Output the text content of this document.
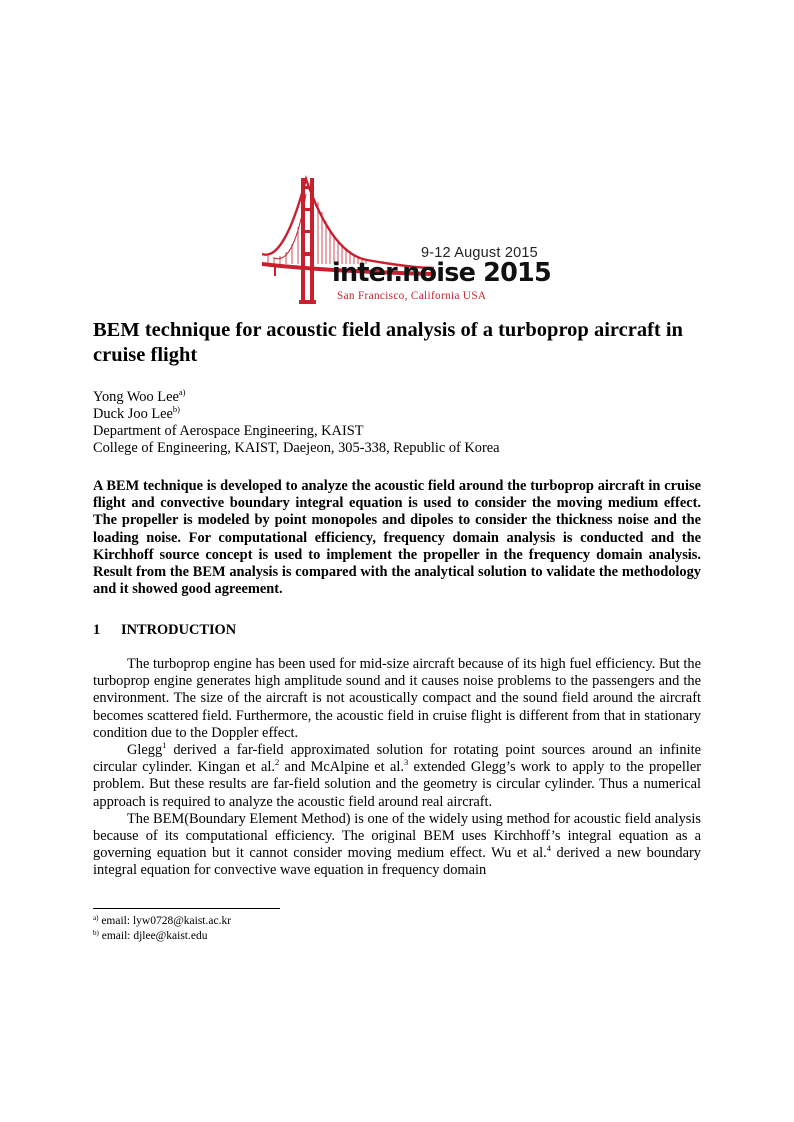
9-12 August 2015
inter.noise 2015
San Francisco, California USA
BEM technique for acoustic field analysis of a turboprop aircraft in cruise flight
Yong Woo Lee$^{a)}$
Duck Joo Lee$^{b)}$
Department of Aerospace Engineering, KAIST
College of Engineering, KAIST, Daejeon, 305-338, Republic of Korea

A BEM technique is developed to analyze the acoustic field around the turboprop aircraft in cruise flight and convective boundary integral equation is used to consider the moving medium effect. The propeller is modeled by point monopoles and dipoles to consider the thickness noise and the loading noise. For computational efficiency, frequency domain analysis is conducted and the Kirchhoff source concept is used to implement the propeller in the frequency domain analysis. Result from the BEM analysis is compared with the analytical solution to validate the methodology and it showed good agreement.

1 INTRODUCTION

The turboprop engine has been used for mid-size aircraft because of its high fuel efficiency. But the turboprop engine generates high amplitude sound and it causes noise problems to the passengers and the environment. The size of the aircraft is not acoustically compact and the sound field around the aircraft becomes scattered field. Furthermore, the acoustic field in cruise flight is different from that in stationary condition due to the Doppler effect.

Glegg$^1$ derived a far-field approximated solution for rotating point sources around an infinite circular cylinder. Kingan et al.$^2$ and McAlpine et al.$^3$ extended Glegg’s work to apply to the propeller problem. But these results are far-field solution and the geometry is circular cylinder. Thus a numerical approach is required to analyze the acoustic field around real aircraft.

The BEM(Boundary Element Method) is one of the widely using method for acoustic field analysis because of its computational efficiency. The original BEM uses Kirchhoff’s integral equation as a governing equation but it cannot consider moving medium effect. Wu et al.$^4$ derived a new boundary integral equation for convective wave equation in frequency domain

$^{a)}$ email: lyw0728@kaist.ac.kr
$^{b)}$ email: djlee@kaist.edu
